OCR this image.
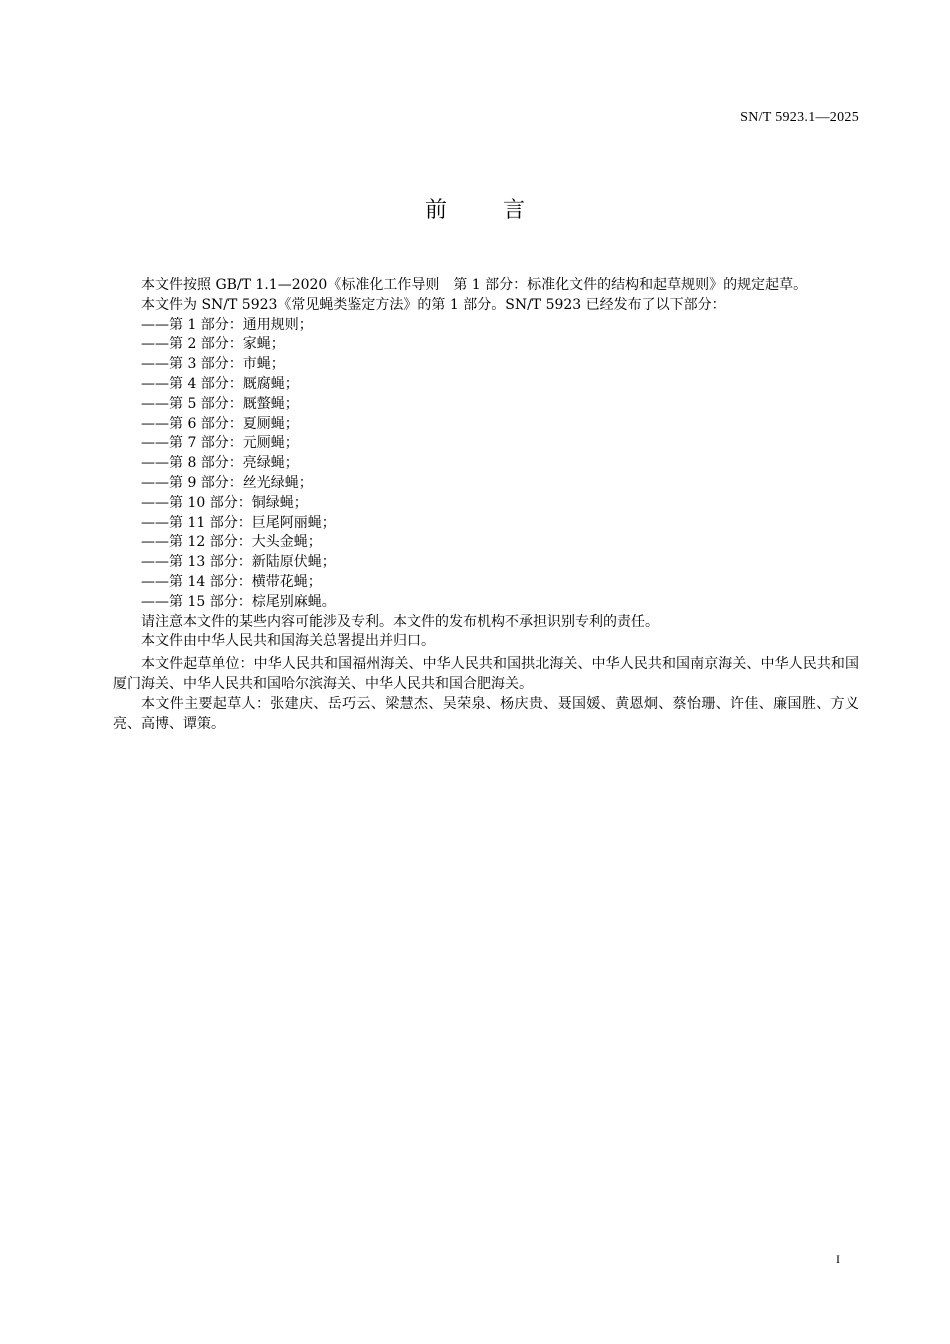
SN/T 5923.1—2025
前言

本文件按照 GB/T 1.1—2020《标准化工作导则　第 1 部分：标准化文件的结构和起草规则》的规定起草。

本文件为 SN/T 5923《常见蝇类鉴定方法》的第 1 部分。SN/T 5923 已经发布了以下部分：

——第 1 部分：通用规则；
——第 2 部分：家蝇；
——第 3 部分：市蝇；
——第 4 部分：厩腐蝇；
——第 5 部分：厩螫蝇；
——第 6 部分：夏厕蝇；
——第 7 部分：元厕蝇；
——第 8 部分：亮绿蝇；
——第 9 部分：丝光绿蝇；
——第 10 部分：铜绿蝇；
——第 11 部分：巨尾阿丽蝇；
——第 12 部分：大头金蝇；
——第 13 部分：新陆原伏蝇；
——第 14 部分：横带花蝇；
——第 15 部分：棕尾别麻蝇。

请注意本文件的某些内容可能涉及专利。本文件的发布机构不承担识别专利的责任。

本文件由中华人民共和国海关总署提出并归口。

本文件起草单位：中华人民共和国福州海关、中华人民共和国拱北海关、中华人民共和国南京海关、中华人民共和国厦门海关、中华人民共和国哈尔滨海关、中华人民共和国合肥海关。

本文件主要起草人：张建庆、岳巧云、梁慧杰、吴荣泉、杨庆贵、聂国媛、黄恩炯、蔡怡珊、许佳、廉国胜、方义亮、高博、谭策。

I
